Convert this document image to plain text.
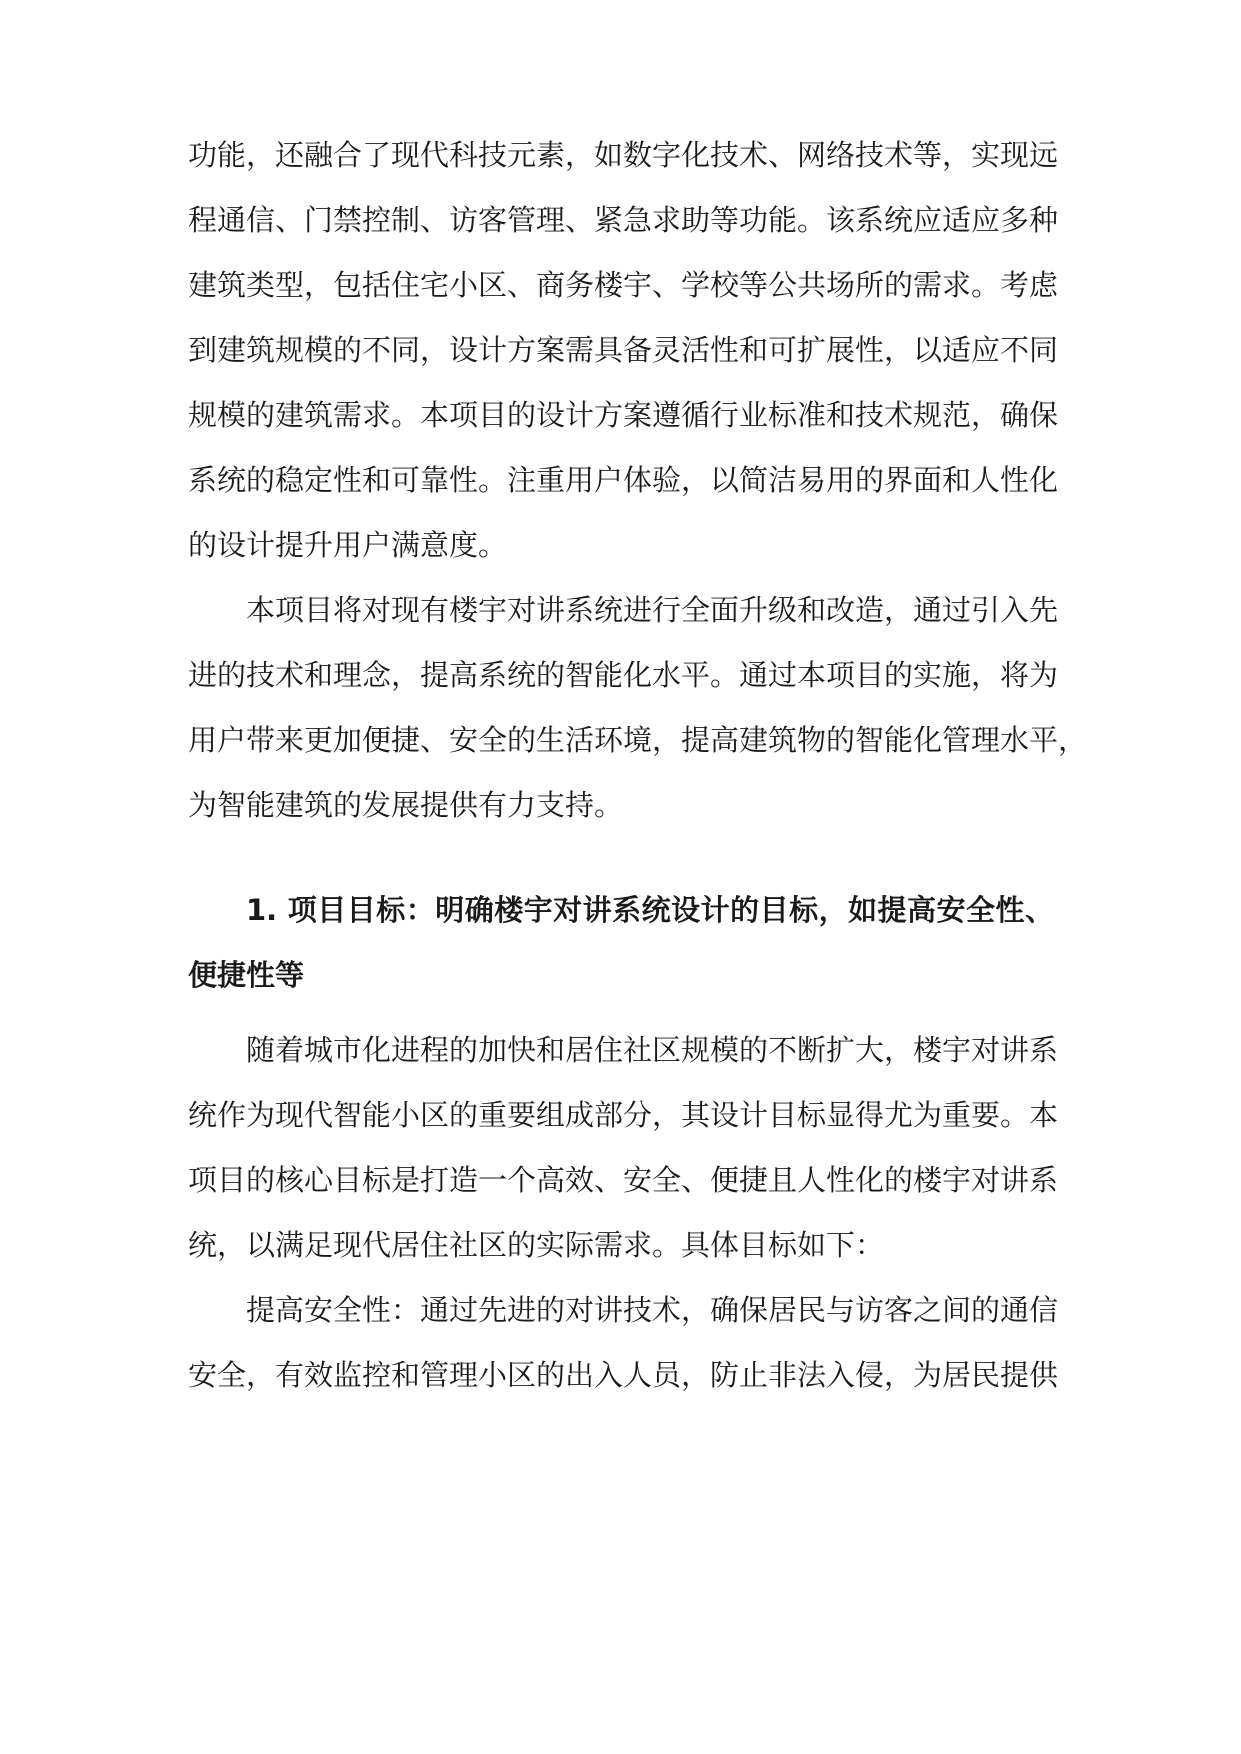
功能，还融合了现代科技元素，如数字化技术、网络技术等，实现远
程通信、门禁控制、访客管理、紧急求助等功能。该系统应适应多种
建筑类型，包括住宅小区、商务楼宇、学校等公共场所的需求。考虑
到建筑规模的不同，设计方案需具备灵活性和可扩展性，以适应不同
规模的建筑需求。本项目的设计方案遵循行业标准和技术规范，确保
系统的稳定性和可靠性。注重用户体验，以简洁易用的界面和人性化
的设计提升用户满意度。
本项目将对现有楼宇对讲系统进行全面升级和改造，通过引入先
进的技术和理念，提高系统的智能化水平。通过本项目的实施，将为
用户带来更加便捷、安全的生活环境，提高建筑物的智能化管理水平，
为智能建筑的发展提供有力支持。
1. 项目目标：明确楼宇对讲系统设计的目标，如提高安全性、
便捷性等
随着城市化进程的加快和居住社区规模的不断扩大，楼宇对讲系
统作为现代智能小区的重要组成部分，其设计目标显得尤为重要。本
项目的核心目标是打造一个高效、安全、便捷且人性化的楼宇对讲系
统，以满足现代居住社区的实际需求。具体目标如下：
提高安全性：通过先进的对讲技术，确保居民与访客之间的通信
安全，有效监控和管理小区的出入人员，防止非法入侵，为居民提供
